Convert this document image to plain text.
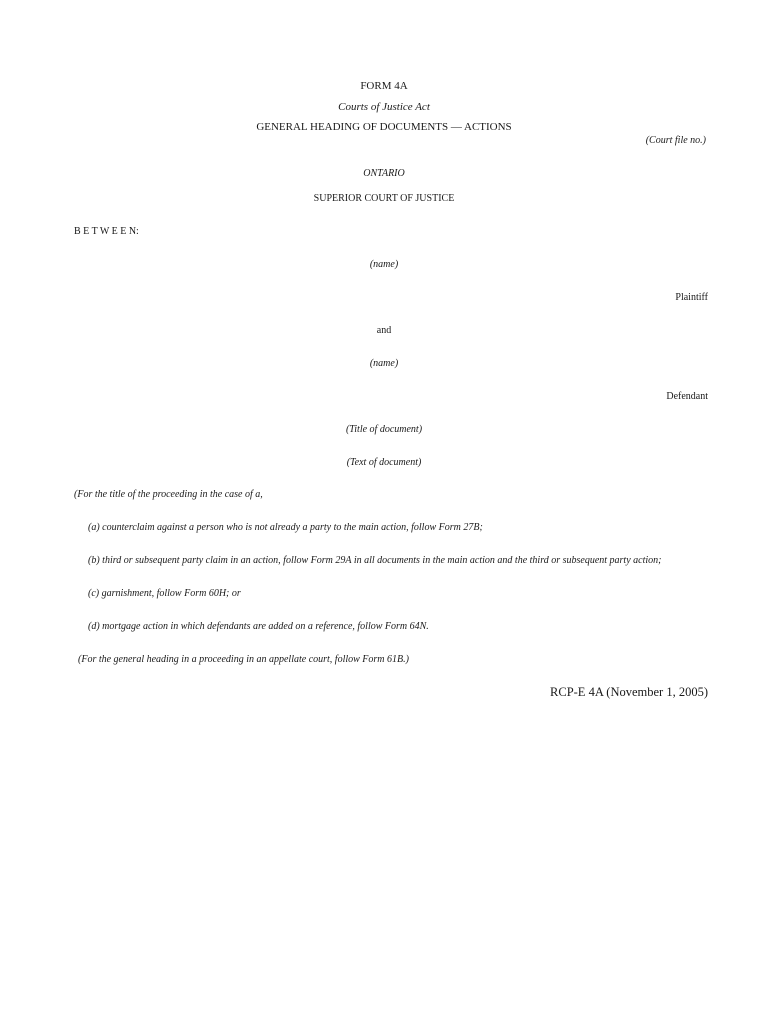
FORM 4A

Courts of Justice Act

GENERAL HEADING OF DOCUMENTS — ACTIONS

(Court file no.)

ONTARIO

SUPERIOR COURT OF JUSTICE

B E T W E E N:

(name)

Plaintiff

and

(name)

Defendant

(Title of document)

(Text of document)

(For the title of the proceeding in the case of a,

(a) counterclaim against a person who is not already a party to the main action, follow Form 27B;

(b) third or subsequent party claim in an action, follow Form 29A in all documents in the main action and the third or subsequent party action;

(c) garnishment, follow Form 60H; or

(d) mortgage action in which defendants are added on a reference, follow Form 64N.

(For the general heading in a proceeding in an appellate court, follow Form 61B.)

RCP-E 4A (November 1, 2005)
